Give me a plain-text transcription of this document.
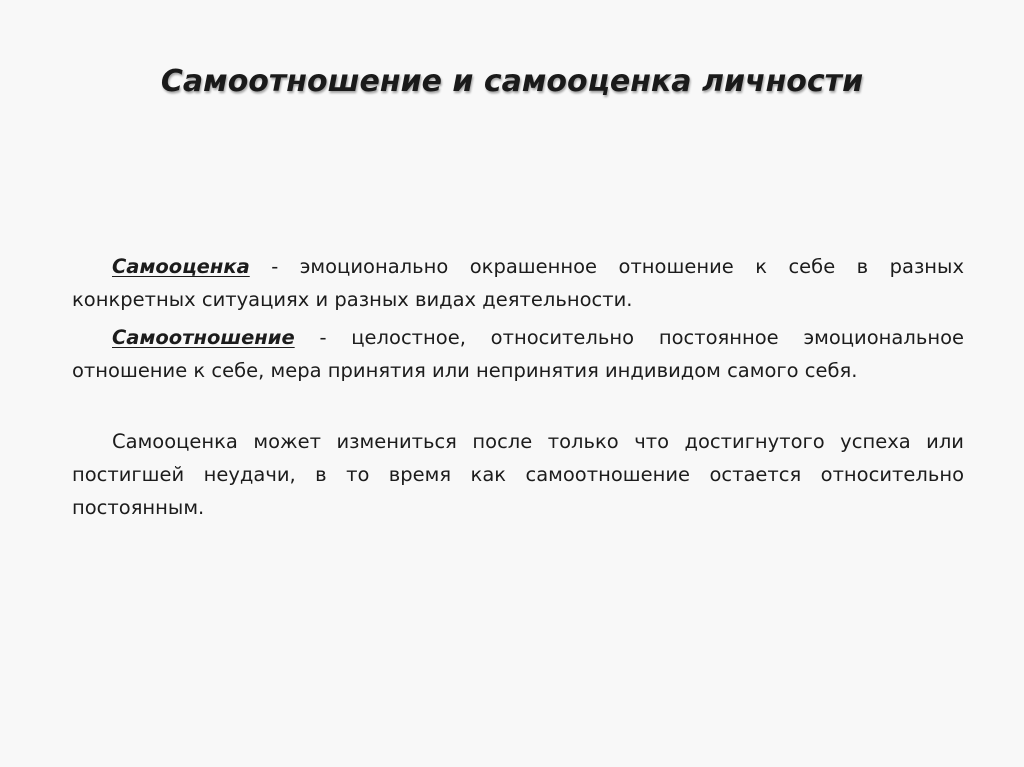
Самоотношение и самооценка личности

Самооценка - эмоционально окрашенное отношение к себе в разных конкретных ситуациях и разных видах деятельности.

Самоотношение - целостное, относительно постоянное эмоциональное отношение к себе, мера принятия или непринятия индивидом самого себя.

Самооценка может измениться после только что достигнутого успеха или постигшей неудачи, в то время как самоотношение остается относительно постоянным.
